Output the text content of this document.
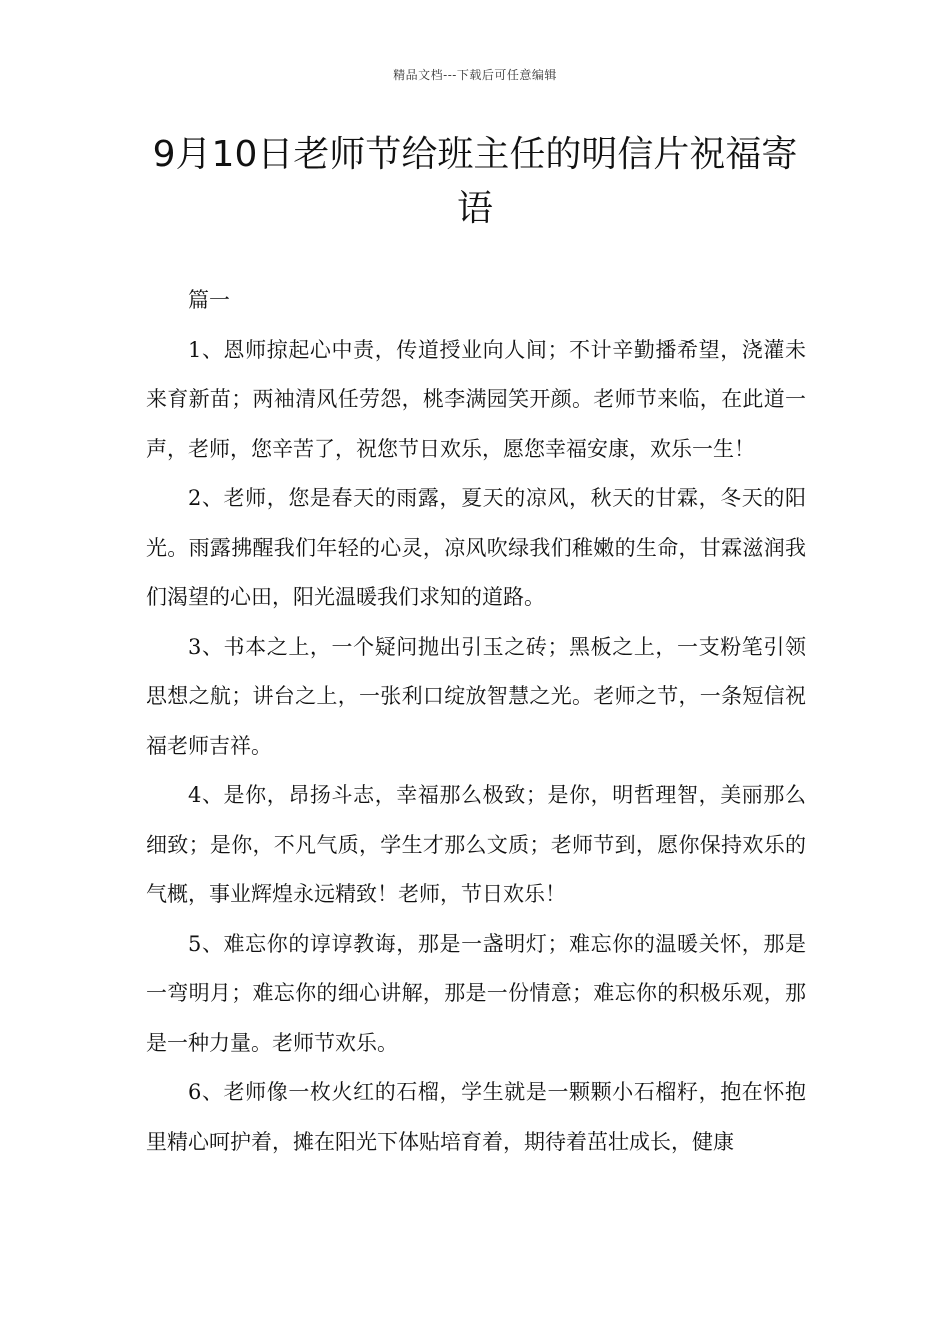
精品文档---下载后可任意编辑
9月10日老师节给班主任的明信片祝福寄语

篇一

1、恩师掠起心中责，传道授业向人间；不计辛勤播希望，浇灌未来育新苗；两袖清风任劳怨，桃李满园笑开颜。老师节来临，在此道一声，老师，您辛苦了，祝您节日欢乐，愿您幸福安康，欢乐一生！

2、老师，您是春天的雨露，夏天的凉风，秋天的甘霖，冬天的阳光。雨露拂醒我们年轻的心灵，凉风吹绿我们稚嫩的生命，甘霖滋润我们渴望的心田，阳光温暖我们求知的道路。

3、书本之上，一个疑问抛出引玉之砖；黑板之上，一支粉笔引领思想之航；讲台之上，一张利口绽放智慧之光。老师之节，一条短信祝福老师吉祥。

4、是你，昂扬斗志，幸福那么极致；是你，明哲理智，美丽那么细致；是你，不凡气质，学生才那么文质；老师节到，愿你保持欢乐的气概，事业辉煌永远精致！老师，节日欢乐！

5、难忘你的谆谆教诲，那是一盏明灯；难忘你的温暖关怀，那是一弯明月；难忘你的细心讲解，那是一份情意；难忘你的积极乐观，那是一种力量。老师节欢乐。

6、老师像一枚火红的石榴，学生就是一颗颗小石榴籽，抱在怀抱里精心呵护着，摊在阳光下体贴培育着，期待着茁壮成长，健康
